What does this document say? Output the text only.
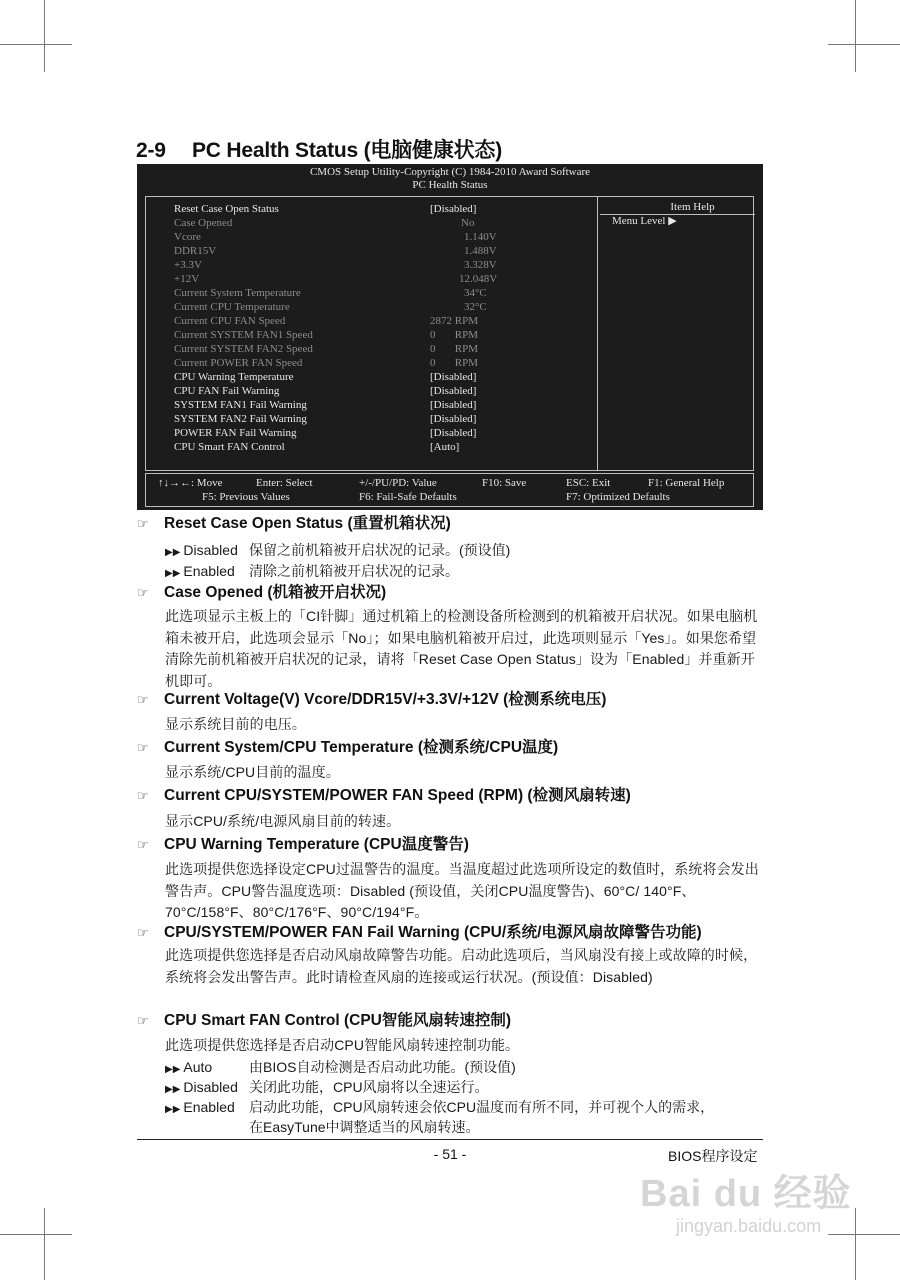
2-9 PC Health Status (电脑健康状态)
CMOS Setup Utility-Copyright (C) 1984-2010 Award Software
PC Health Status
Reset Case Open Status	[Disabled]
Case Opened	No
Vcore	1.140V
DDR15V	1.488V
+3.3V	3.328V
+12V	12.048V
Current System Temperature	34°C
Current CPU Temperature	32°C
Current CPU FAN Speed	2872 RPM
Current SYSTEM FAN1 Speed	0       RPM
Current SYSTEM FAN2 Speed	0       RPM
Current POWER FAN Speed	0       RPM
CPU Warning Temperature	[Disabled]
CPU FAN Fail Warning	[Disabled]
SYSTEM FAN1 Fail Warning	[Disabled]
SYSTEM FAN2 Fail Warning	[Disabled]
POWER FAN Fail Warning	[Disabled]
CPU Smart FAN Control	[Auto]
Item Help
Menu Level ▶
↑↓→←: Move	Enter: Select	+/-/PU/PD: Value	F10: Save	ESC: Exit	F1: General Help
F5: Previous Values	F6: Fail-Safe Defaults	F7: Optimized Defaults
☞ Reset Case Open Status (重置机箱状况)
▶▶ Disabled 保留之前机箱被开启状况的记录。(预设值)
▶▶ Enabled 清除之前机箱被开启状况的记录。
☞ Case Opened (机箱被开启状况)
此选项显示主板上的「CI针脚」通过机箱上的检测设备所检测到的机箱被开启状况。如果电脑机箱未被开启，此选项会显示「No」；如果电脑机箱被开启过，此选项则显示「Yes」。如果您希望清除先前机箱被开启状况的记录，请将「Reset Case Open Status」设为「Enabled」并重新开机即可。
☞ Current Voltage(V) Vcore/DDR15V/+3.3V/+12V (检测系统电压)
显示系统目前的电压。
☞ Current System/CPU Temperature (检测系统/CPU温度)
显示系统/CPU目前的温度。
☞ Current CPU/SYSTEM/POWER FAN Speed (RPM) (检测风扇转速)
显示CPU/系统/电源风扇目前的转速。
☞ CPU Warning Temperature (CPU温度警告)
此选项提供您选择设定CPU过温警告的温度。当温度超过此选项所设定的数值时，系统将会发出警告声。CPU警告温度选项：Disabled (预设值，关闭CPU温度警告)、60°C/ 140°F、70°C/158°F、80°C/176°F、90°C/194°F。
☞ CPU/SYSTEM/POWER FAN Fail Warning (CPU/系统/电源风扇故障警告功能)
此选项提供您选择是否启动风扇故障警告功能。启动此选项后，当风扇没有接上或故障的时候，系统将会发出警告声。此时请检查风扇的连接或运行状况。(预设值：Disabled)
☞ CPU Smart FAN Control (CPU智能风扇转速控制)
此选项提供您选择是否启动CPU智能风扇转速控制功能。
▶▶ Auto	由BIOS自动检测是否启动此功能。(预设值)
▶▶ Disabled 关闭此功能，CPU风扇将以全速运行。
▶▶ Enabled 启动此功能，CPU风扇转速会依CPU温度而有所不同，并可视个人的需求，
在EasyTune中调整适当的风扇转速。
- 51 -	BIOS程序设定
Bai du 经验
jingyan.baidu.com
